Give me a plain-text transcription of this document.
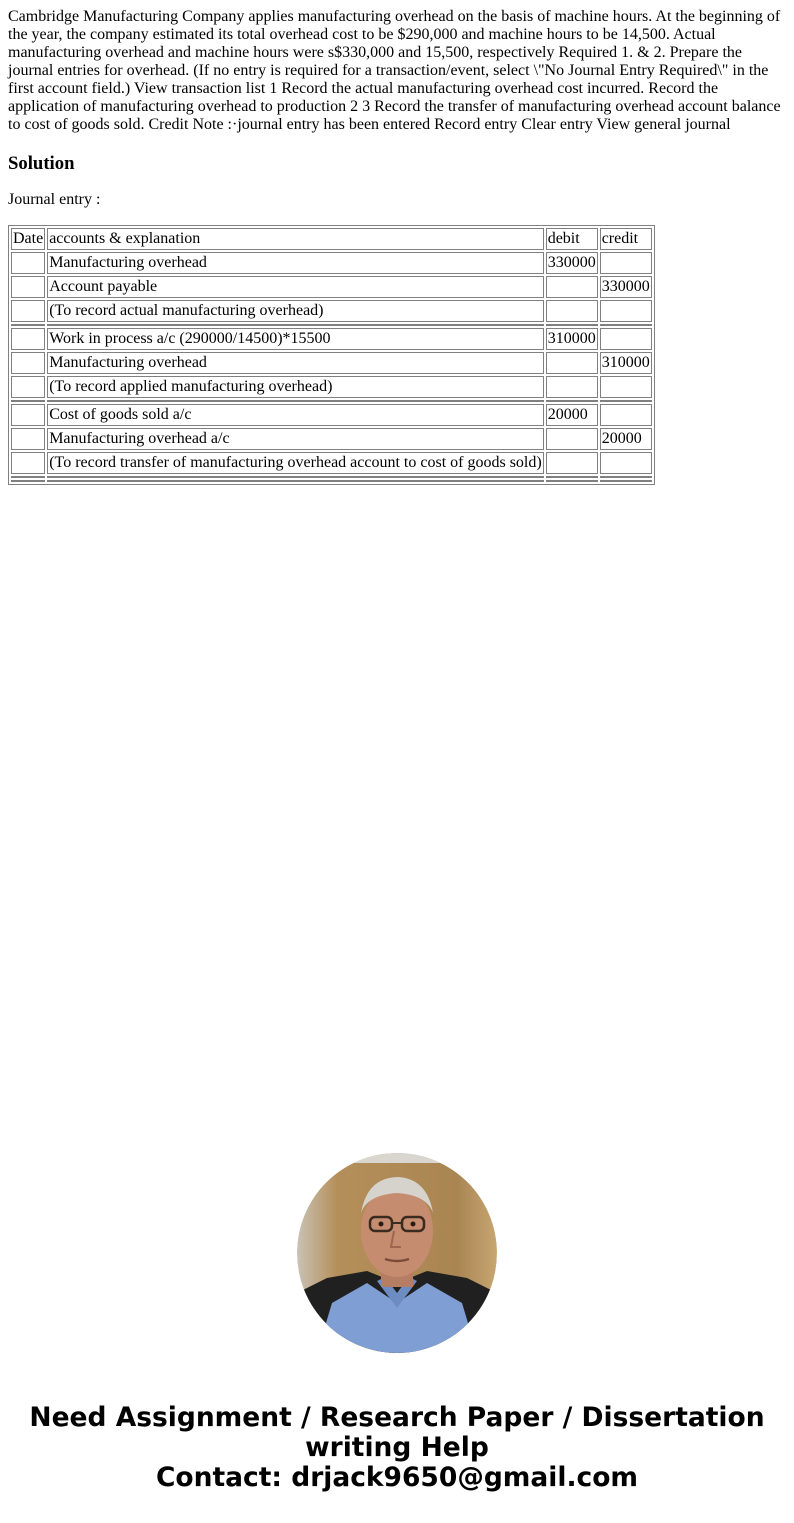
Cambridge Manufacturing Company applies manufacturing overhead on the basis of machine hours. At the beginning of the year, the company estimated its total overhead cost to be $290,000 and machine hours to be 14,500. Actual manufacturing overhead and machine hours were s$330,000 and 15,500, respectively Required 1. & 2. Prepare the journal entries for overhead. (If no entry is required for a transaction/event, select \"No Journal Entry Required\" in the first account field.) View transaction list 1 Record the actual manufacturing overhead cost incurred. Record the application of manufacturing overhead to production 2 3 Record the transfer of manufacturing overhead account balance to cost of goods sold. Credit Note :·journal entry has been entered Record entry Clear entry View general journal

Solution

Journal entry :

Date	accounts & explanation	debit	credit
	Manufacturing overhead	330000	
	Account payable		330000
	(To record actual manufacturing overhead)		

	Work in process a/c (290000/14500)*15500	310000	
	Manufacturing overhead		310000
	(To record applied manufacturing overhead)		

	Cost of goods sold a/c	20000	
	Manufacturing overhead a/c		20000
	(To record transfer of manufacturing overhead account to cost of goods sold)		

Need Assignment / Research Paper / Dissertation
writing Help
Contact: drjack9650@gmail.com
